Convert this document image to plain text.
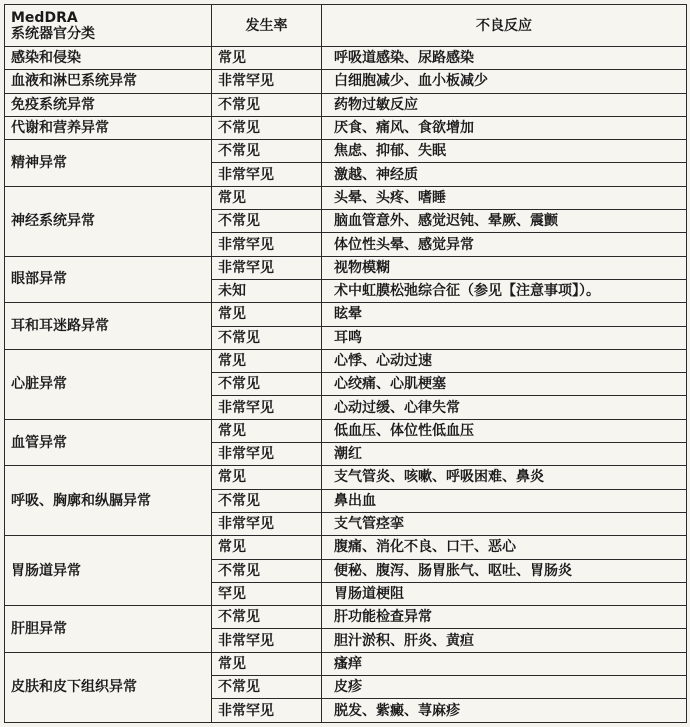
MedDRA
系统器官分类	发生率	不良反应
感染和侵染	常见	呼吸道感染、尿路感染
血液和淋巴系统异常	非常罕见	白细胞减少、血小板减少
免疫系统异常	不常见	药物过敏反应
代谢和营养异常	不常见	厌食、痛风、食欲增加
精神异常	不常见	焦虑、抑郁、失眠
	非常罕见	激越、神经质
神经系统异常	常见	头晕、头疼、嗜睡
	不常见	脑血管意外、感觉迟钝、晕厥、震颤
	非常罕见	体位性头晕、感觉异常
眼部异常	非常罕见	视物模糊
	未知	术中虹膜松弛综合征（参见【注意事项】）。
耳和耳迷路异常	常见	眩晕
	不常见	耳鸣
心脏异常	常见	心悸、心动过速
	不常见	心绞痛、心肌梗塞
	非常罕见	心动过缓、心律失常
血管异常	常见	低血压、体位性低血压
	非常罕见	潮红
呼吸、胸廓和纵膈异常	常见	支气管炎、咳嗽、呼吸困难、鼻炎
	不常见	鼻出血
	非常罕见	支气管痉挛
胃肠道异常	常见	腹痛、消化不良、口干、恶心
	不常见	便秘、腹泻、肠胃胀气、呕吐、胃肠炎
	罕见	胃肠道梗阻
肝胆异常	不常见	肝功能检查异常
	非常罕见	胆汁淤积、肝炎、黄疸
皮肤和皮下组织异常	常见	瘙痒
	不常见	皮疹
	非常罕见	脱发、紫癜、荨麻疹
